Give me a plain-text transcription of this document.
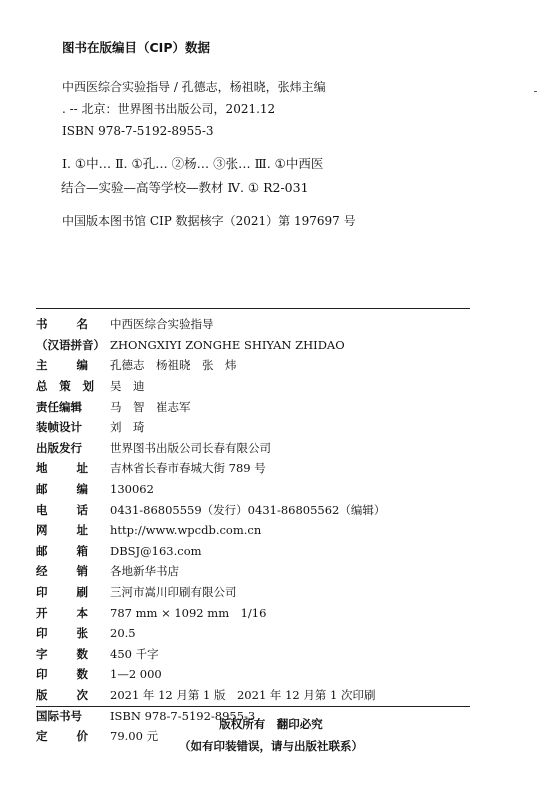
图书在版编目（CIP）数据
中西医综合实验指导 / 孔德志，杨祖晓，张炜主编
. -- 北京：世界图书出版公司，2021.12
ISBN 978-7-5192-8955-3
Ⅰ. ①中… Ⅱ. ①孔… ②杨… ③张… Ⅲ. ①中西医
结合—实验—高等学校—教材 Ⅳ. ① R2-031
中国版本图书馆 CIP 数据核字（2021）第 197697 号
书	名 中西医综合实验指导
（汉语拼音） ZHONGXIYI ZONGHE SHIYAN ZHIDAO
主	编 孔德志　杨祖晓　张　炜
总 策 划 吴　迪
责任编辑 马　智　崔志军
装帧设计 刘　琦
出版发行 世界图书出版公司长春有限公司
地	址 吉林省长春市春城大街 789 号
邮	编 130062
电	话 0431-86805559（发行）0431-86805562（编辑）
网	址 http://www.wpcdb.com.cn
邮	箱 DBSJ@163.com
经	销 各地新华书店
印	刷 三河市嵩川印刷有限公司
开	本 787 mm × 1092 mm　1/16
印	张 20.5
字	数 450 千字
印	数 1—2 000
版	次 2021 年 12 月第 1 版　2021 年 12 月第 1 次印刷
国际书号 ISBN 978-7-5192-8955-3
定	价 79.00 元
版权所有　翻印必究
（如有印装错误，请与出版社联系）
